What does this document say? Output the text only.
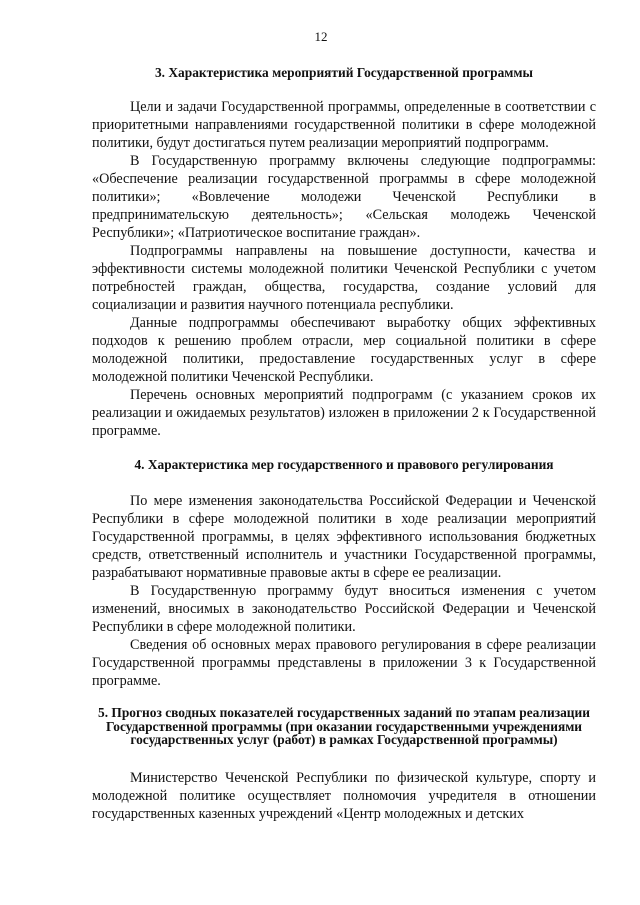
12

3. Характеристика мероприятий Государственной программы

Цели и задачи Государственной программы, определенные в соответствии с приоритетными направлениями государственной политики в сфере молодежной политики, будут достигаться путем реализации мероприятий подпрограмм.

В Государственную программу включены следующие подпрограммы: «Обеспечение реализации государственной программы в сфере молодежной политики»; «Вовлечение молодежи Чеченской Республики в предпринимательскую деятельность»; «Сельская молодежь Чеченской Республики»; «Патриотическое воспитание граждан».

Подпрограммы направлены на повышение доступности, качества и эффективности системы молодежной политики Чеченской Республики с учетом потребностей граждан, общества, государства, создание условий для социализации и развития научного потенциала республики.

Данные подпрограммы обеспечивают выработку общих эффективных подходов к решению проблем отрасли, мер социальной политики в сфере молодежной политики, предоставление государственных услуг в сфере молодежной политики Чеченской Республики.

Перечень основных мероприятий подпрограмм (с указанием сроков их реализации и ожидаемых результатов) изложен в приложении 2 к Государственной программе.

4. Характеристика мер государственного и правового регулирования

По мере изменения законодательства Российской Федерации и Чеченской Республики в сфере молодежной политики в ходе реализации мероприятий Государственной программы, в целях эффективного использования бюджетных средств, ответственный исполнитель и участники Государственной программы, разрабатывают нормативные правовые акты в сфере ее реализации.

В Государственную программу будут вноситься изменения с учетом изменений, вносимых в законодательство Российской Федерации и Чеченской Республики в сфере молодежной политики.

Сведения об основных мерах правового регулирования в сфере реализации Государственной программы представлены в приложении 3 к Государственной программе.

5. Прогноз сводных показателей государственных заданий по этапам реализации Государственной программы (при оказании государственными учреждениями государственных услуг (работ) в рамках Государственной программы)

Министерство Чеченской Республики по физической культуре, спорту и молодежной политике осуществляет полномочия учредителя в отношении государственных казенных учреждений «Центр молодежных и детских
